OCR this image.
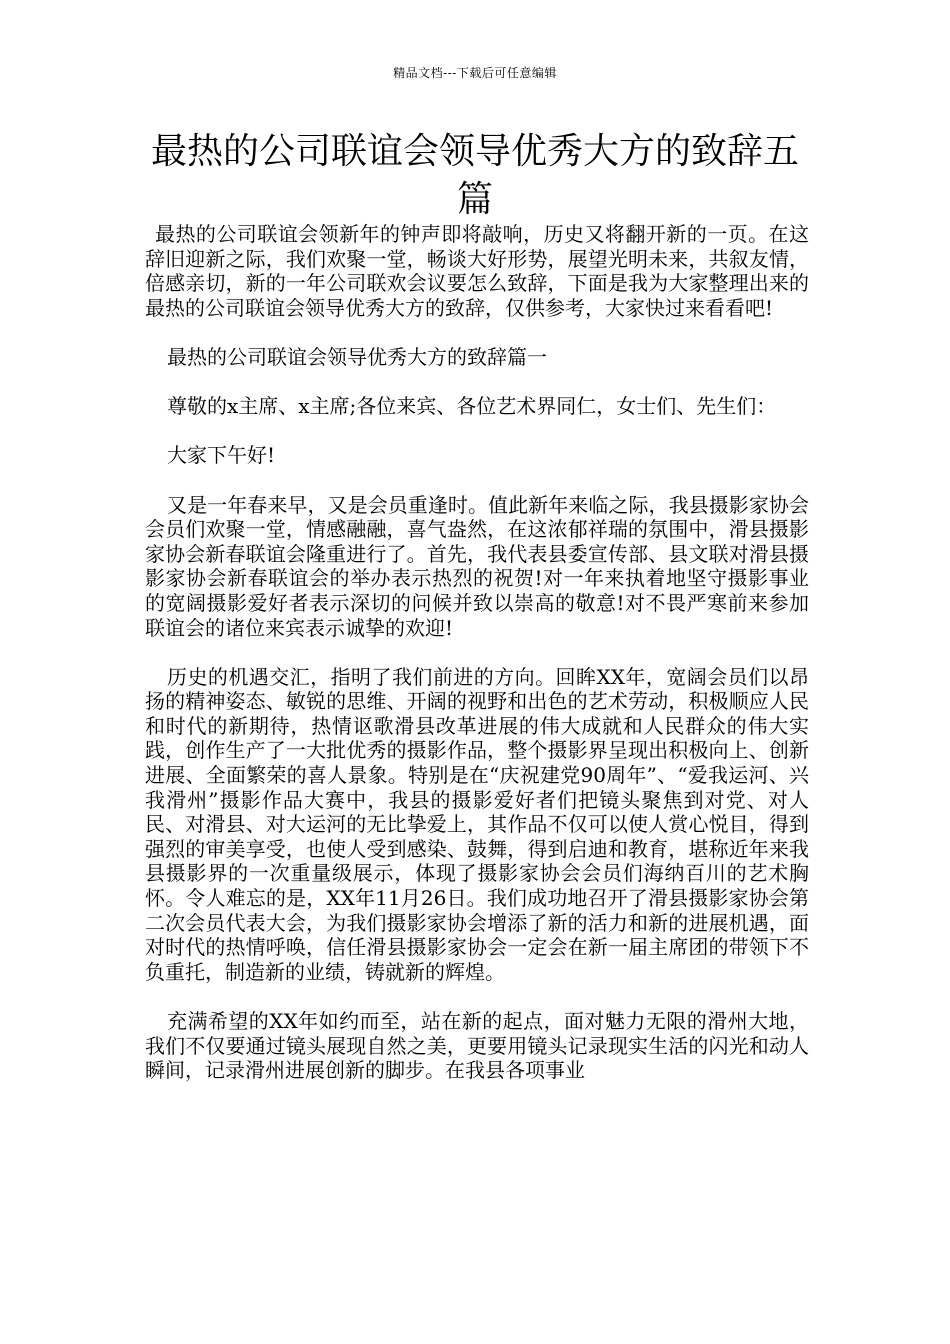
精品文档---下载后可任意编辑
最热的公司联谊会领导优秀大方的致辞五篇

最热的公司联谊会领新年的钟声即将敲响，历史又将翻开新的一页。在这辞旧迎新之际，我们欢聚一堂，畅谈大好形势，展望光明未来，共叙友情，倍感亲切，新的一年公司联欢会议要怎么致辞，下面是我为大家整理出来的 最热的公司联谊会领导优秀大方的致辞，仅供参考，大家快过来看看吧!

最热的公司联谊会领导优秀大方的致辞篇一

尊敬的x主席、x主席;各位来宾、各位艺术界同仁，女士们、先生们：

大家下午好!

又是一年春来早，又是会员重逢时。值此新年来临之际，我县摄影家协会会员们欢聚一堂，情感融融，喜气盎然，在这浓郁祥瑞的氛围中，滑县摄影家协会新春联谊会隆重进行了。首先，我代表县委宣传部、县文联对滑县摄影家协会新春联谊会的举办表示热烈的祝贺!对一年来执着地坚守摄影事业的宽阔摄影爱好者表示深切的问候并致以崇高的敬意!对不畏严寒前来参加联谊会的诸位来宾表示诚挚的欢迎!

历史的机遇交汇，指明了我们前进的方向。回眸XX年，宽阔会员们以昂扬的精神姿态、敏锐的思维、开阔的视野和出色的艺术劳动，积极顺应人民和时代的新期待，热情讴歌滑县改革进展的伟大成就和人民群众的伟大实践，创作生产了一大批优秀的摄影作品，整个摄影界呈现出积极向上、创新进展、全面繁荣的喜人景象。特别是在“庆祝建党90周年”、“爱我运河、兴我滑州”摄影作品大赛中，我县的摄影爱好者们把镜头聚焦到对党、对人民、对滑县、对大运河的无比挚爱上，其作品不仅可以使人赏心悦目，得到强烈的审美享受，也使人受到感染、鼓舞，得到启迪和教育，堪称近年来我县摄影界的一次重量级展示，体现了摄影家协会会员们海纳百川的艺术胸怀。令人难忘的是，XX年11月26日。我们成功地召开了滑县摄影家协会第二次会员代表大会，为我们摄影家协会增添了新的活力和新的进展机遇，面对时代的热情呼唤，信任滑县摄影家协会一定会在新一届主席团的带领下不负重托，制造新的业绩，铸就新的辉煌。

充满希望的XX年如约而至，站在新的起点，面对魅力无限的滑州大地，我们不仅要通过镜头展现自然之美，更要用镜头记录现实生活的闪光和动人瞬间，记录滑州进展创新的脚步。在我县各项事业
